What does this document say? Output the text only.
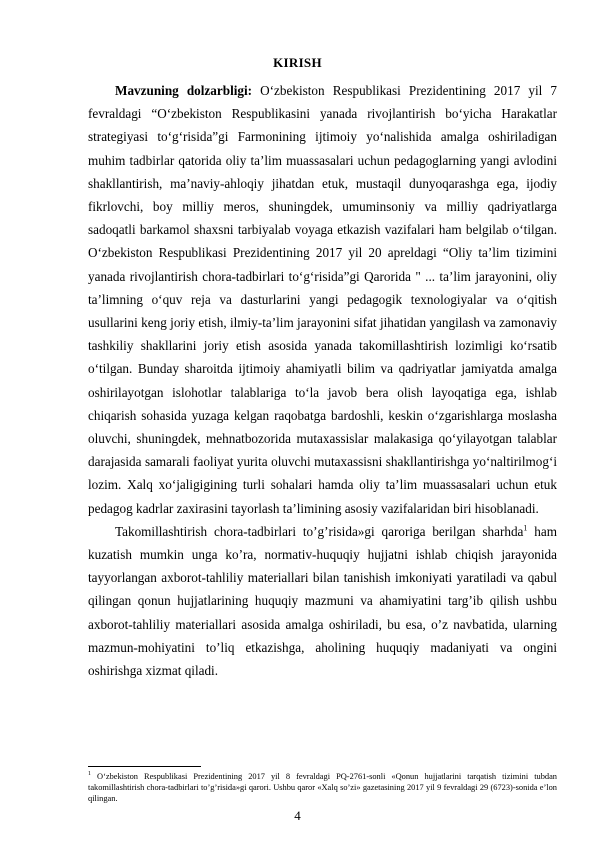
KIRISH

Mavzuning dolzarbligi: O‘zbekiston Respublikasi Prezidentining 2017 yil 7 fevraldagi “O‘zbekiston Respublikasini yanada rivojlantirish bo‘yicha Harakatlar strategiyasi to‘g‘risida”gi Farmonining ijtimoiy yo‘nalishida amalga oshiriladigan muhim tadbirlar qatorida oliy ta’lim muassasalari uchun pedagoglarning yangi avlodini shakllantirish, ma’naviy-ahloqiy jihatdan etuk, mustaqil dunyoqarashga ega, ijodiy fikrlovchi, boy milliy meros, shuningdek, umuminsoniy va milliy qadriyatlarga sadoqatli barkamol shaxsni tarbiyalab voyaga etkazish vazifalari ham belgilab o‘tilgan. O‘zbekiston Respublikasi Prezidentining 2017 yil 20 apreldagi “Oliy ta’lim tizimini yanada rivojlantirish chora-tadbirlari to‘g‘risida”gi Qarorida " ... ta’lim jarayonini, oliy ta’limning o‘quv reja va dasturlarini yangi pedagogik texnologiyalar va o‘qitish usullarini keng joriy etish, ilmiy-ta’lim jarayonini sifat jihatidan yangilash va zamonaviy tashkiliy shakllarini joriy etish asosida yanada takomillashtirish lozimligi ko‘rsatib o‘tilgan. Bunday sharoitda ijtimoiy ahamiyatli bilim va qadriyatlar jamiyatda amalga oshirilayotgan islohotlar talablariga to‘la javob bera olish layoqatiga ega, ishlab chiqarish sohasida yuzaga kelgan raqobatga bardoshli, keskin o‘zgarishlarga moslasha oluvchi, shuningdek, mehnatbozorida mutaxassislar malakasiga qo‘yilayotgan talablar darajasida samarali faoliyat yurita oluvchi mutaxassisni shakllantirishga yo‘naltirilmog‘i lozim. Xalq xo‘jaligigining turli sohalari hamda oliy ta’lim muassasalari uchun etuk pedagog kadrlar zaxirasini tayorlash ta’limining asosiy vazifalaridan biri hisoblanadi.

Takomillashtirish chora-tadbirlari to’g’risida»gi qaroriga berilgan sharhda$^1$ ham kuzatish mumkin unga ko’ra, normativ-huquqiy hujjatni ishlab chiqish jarayonida tayyorlangan axborot-tahliliy materiallari bilan tanishish imkoniyati yaratiladi va qabul qilingan qonun hujjatlarining huquqiy mazmuni va ahamiyatini targ’ib qilish ushbu axborot-tahliliy materiallari asosida amalga oshiriladi, bu esa, o’z navbatida, ularning mazmun-mohiyatini to’liq etkazishga, aholining huquqiy madaniyati va ongini oshirishga xizmat qiladi.

$^1$ O‘zbekiston Respublikasi Prezidentining 2017 yil 8 fevraldagi PQ-2761-sonli «Qonun hujjatlarini tarqatish tizimini tubdan takomillashtirish chora-tadbirlari to’g’risida»gi qarori. Ushbu qaror «Xalq so’zi» gazetasining 2017 yil 9 fevraldagi 29 (6723)-sonida e’lon qilingan.
4
